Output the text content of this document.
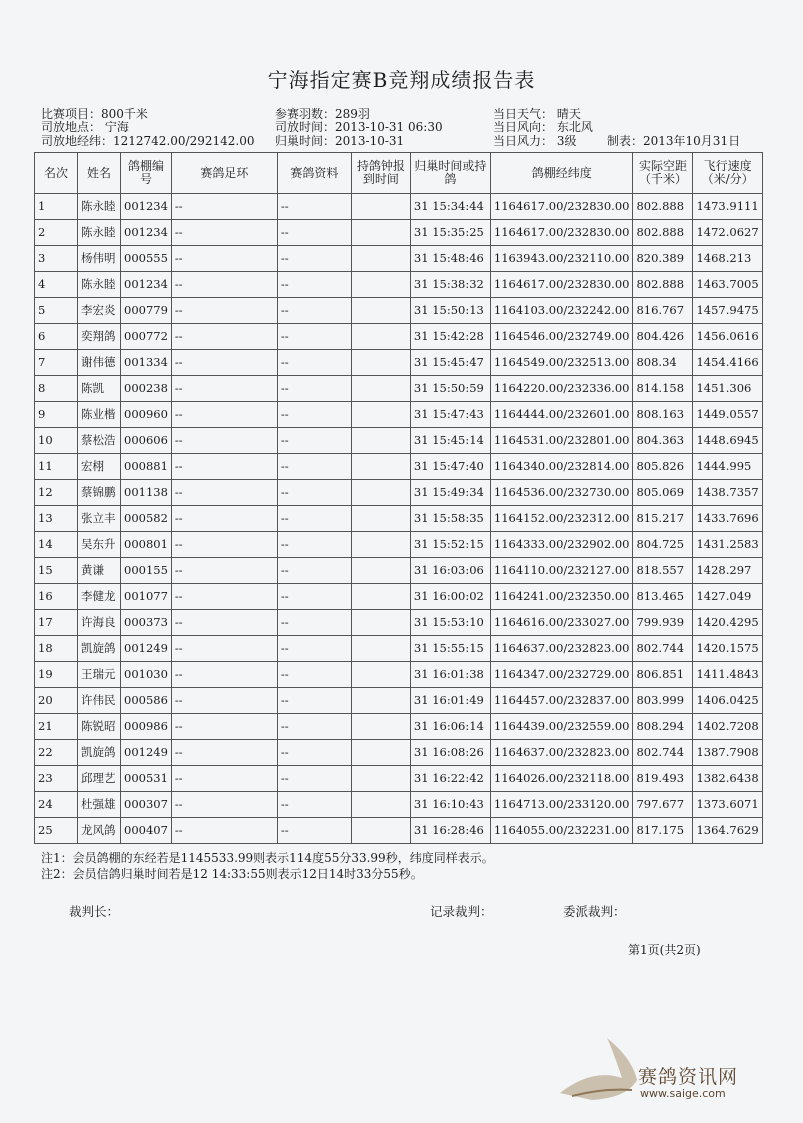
宁海指定赛B竞翔成绩报告表
比赛项目：800千米
司放地点： 宁海
司放地经纬：1212742.00/292142.00
参赛羽数：289羽
司放时间：2013-10-31 06:30
归巢时间：2013-10-31
当日天气： 晴天
当日风向： 东北风
当日风力： 3级	制表：2013年10月31日
名次	姓名	鸽棚编号	赛鸽足环	赛鸽资料	持鸽钟报到时间	归巢时间或持鸽	鸽棚经纬度	实际空距（千米）	飞行速度（米/分）
1	陈永睦	001234	--	--		31 15:34:44	1164617.00/232830.00	802.888	1473.9111
2	陈永睦	001234	--	--		31 15:35:25	1164617.00/232830.00	802.888	1472.0627
3	杨伟明	000555	--	--		31 15:48:46	1163943.00/232110.00	820.389	1468.213
4	陈永睦	001234	--	--		31 15:38:32	1164617.00/232830.00	802.888	1463.7005
5	李宏炎	000779	--	--		31 15:50:13	1164103.00/232242.00	816.767	1457.9475
6	奕翔鸽	000772	--	--		31 15:42:28	1164546.00/232749.00	804.426	1456.0616
7	谢伟德	001334	--	--		31 15:45:47	1164549.00/232513.00	808.34	1454.4166
8	陈凯	000238	--	--		31 15:50:59	1164220.00/232336.00	814.158	1451.306
9	陈业楷	000960	--	--		31 15:47:43	1164444.00/232601.00	808.163	1449.0557
10	蔡松浩	000606	--	--		31 15:45:14	1164531.00/232801.00	804.363	1448.6945
11	宏栩	000881	--	--		31 15:47:40	1164340.00/232814.00	805.826	1444.995
12	蔡锦鹏	001138	--	--		31 15:49:34	1164536.00/232730.00	805.069	1438.7357
13	张立丰	000582	--	--		31 15:58:35	1164152.00/232312.00	815.217	1433.7696
14	吴东升	000801	--	--		31 15:52:15	1164333.00/232902.00	804.725	1431.2583
15	黄谦	000155	--	--		31 16:03:06	1164110.00/232127.00	818.557	1428.297
16	李健龙	001077	--	--		31 16:00:02	1164241.00/232350.00	813.465	1427.049
17	许海良	000373	--	--		31 15:53:10	1164616.00/233027.00	799.939	1420.4295
18	凯旋鸽	001249	--	--		31 15:55:15	1164637.00/232823.00	802.744	1420.1575
19	王瑞元	001030	--	--		31 16:01:38	1164347.00/232729.00	806.851	1411.4843
20	许伟民	000586	--	--		31 16:01:49	1164457.00/232837.00	803.999	1406.0425
21	陈锐昭	000986	--	--		31 16:06:14	1164439.00/232559.00	808.294	1402.7208
22	凯旋鸽	001249	--	--		31 16:08:26	1164637.00/232823.00	802.744	1387.7908
23	邱理艺	000531	--	--		31 16:22:42	1164026.00/232118.00	819.493	1382.6438
24	杜强雄	000307	--	--		31 16:10:43	1164713.00/233120.00	797.677	1373.6071
25	龙风鸽	000407	--	--		31 16:28:46	1164055.00/232231.00	817.175	1364.7629
注1：会员鸽棚的东经若是1145533.99则表示114度55分33.99秒，纬度同样表示。
注2：会员信鸽归巢时间若是12 14:33:55则表示12日14时33分55秒。
裁判长：	记录裁判：	委派裁判：
第1页(共2页)
赛鸽资讯网
www.saige.com
